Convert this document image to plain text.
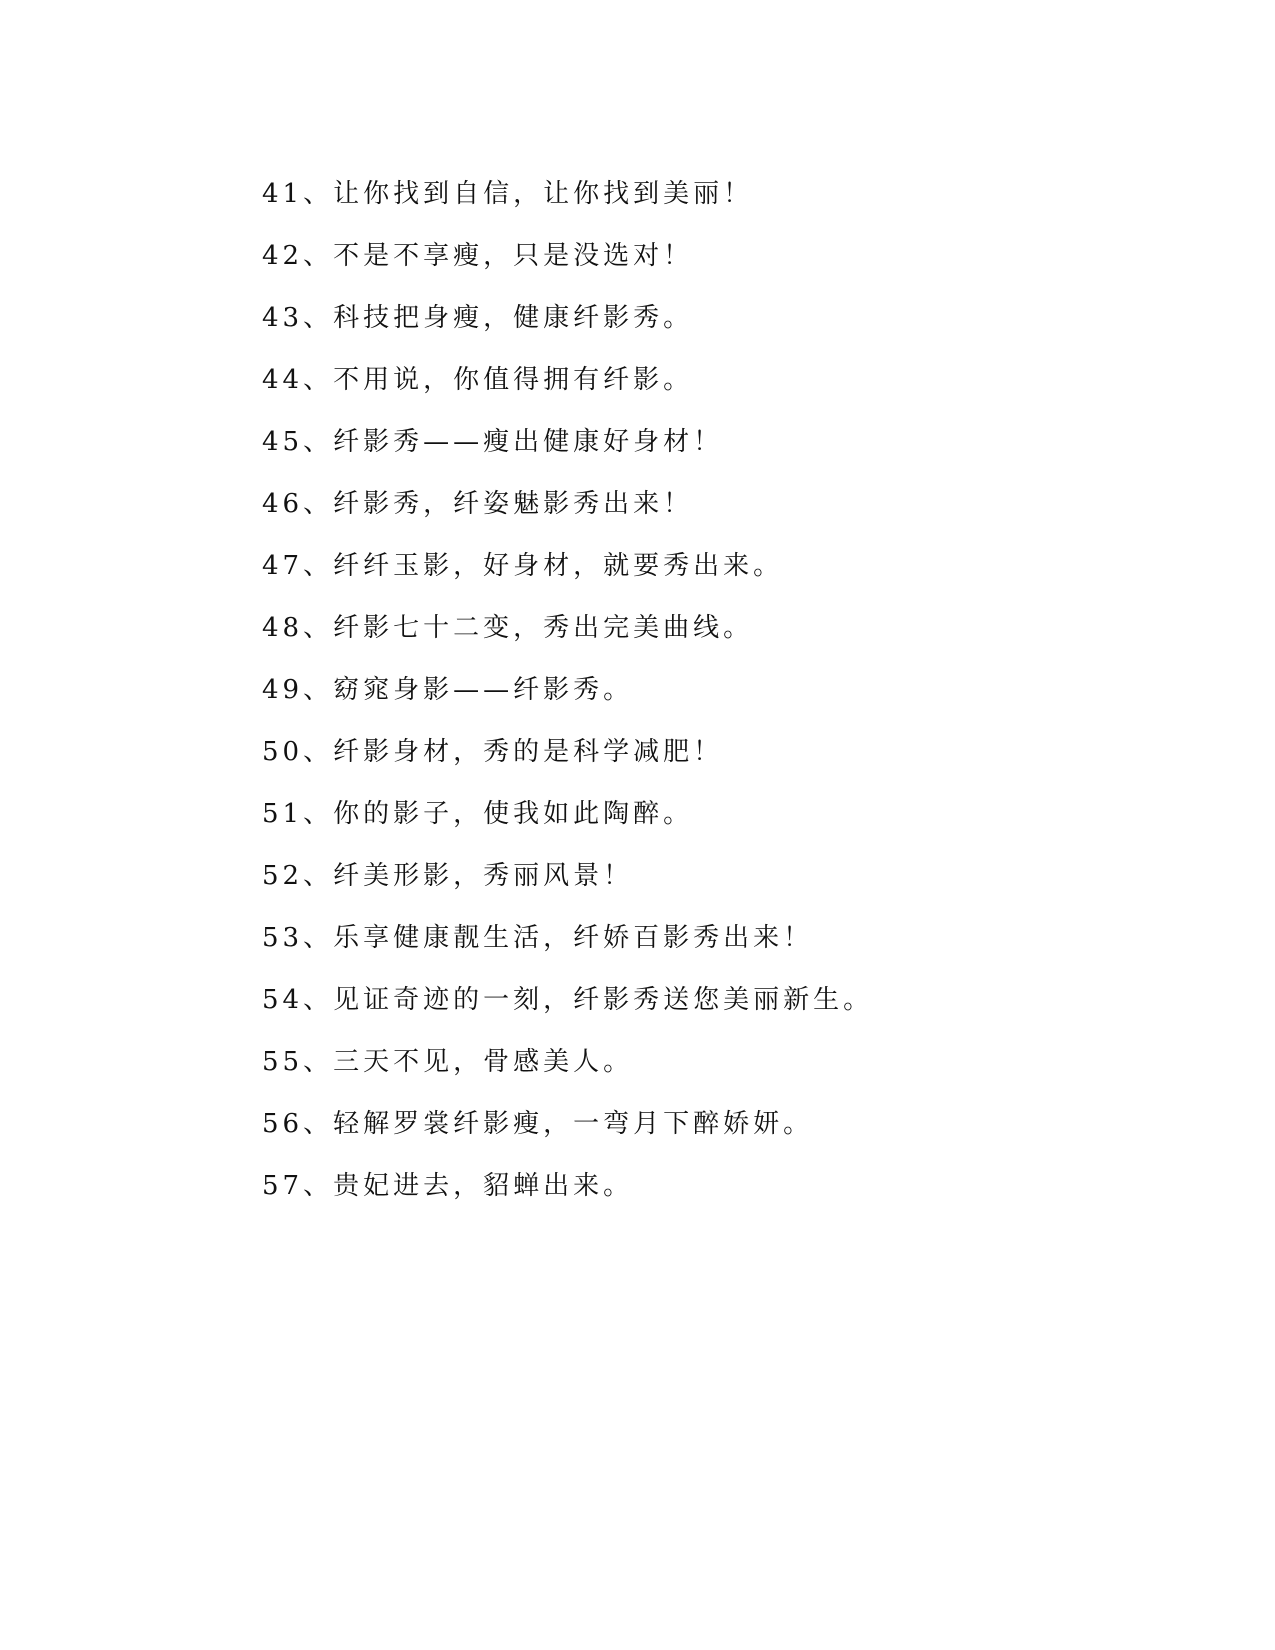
41、让你找到自信，让你找到美丽！
42、不是不享瘦，只是没选对！
43、科技把身瘦，健康纤影秀。
44、不用说，你值得拥有纤影。
45、纤影秀——瘦出健康好身材！
46、纤影秀，纤姿魅影秀出来！
47、纤纤玉影，好身材，就要秀出来。
48、纤影七十二变，秀出完美曲线。
49、窈窕身影——纤影秀。
50、纤影身材，秀的是科学减肥！
51、你的影子，使我如此陶醉。
52、纤美形影，秀丽风景！
53、乐享健康靓生活，纤娇百影秀出来！
54、见证奇迹的一刻，纤影秀送您美丽新生。
55、三天不见，骨感美人。
56、轻解罗裳纤影瘦，一弯月下醉娇妍。
57、贵妃进去，貂蝉出来。
